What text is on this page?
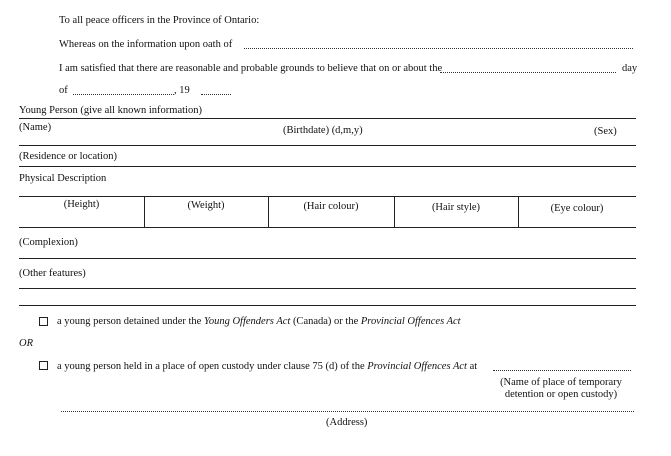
To all peace officers in the Province of Ontario:
Whereas on the information upon oath of
I am satisfied that there are reasonable and probable grounds to believe that on or about the	day
of	, 19
Young Person (give all known information)
(Name)	(Birthdate) (d,m,y)	(Sex)
(Residence or location)
Physical Description
(Height)	(Weight)	(Hair colour)	(Hair style)	(Eye colour)
(Complexion)
(Other features)
a young person detained under the Young Offenders Act (Canada) or the Provincial Offences Act
OR
a young person held in a place of open custody under clause 75 (d) of the Provincial Offences Act at
(Name of place of temporary
detention or open custody)
(Address)
